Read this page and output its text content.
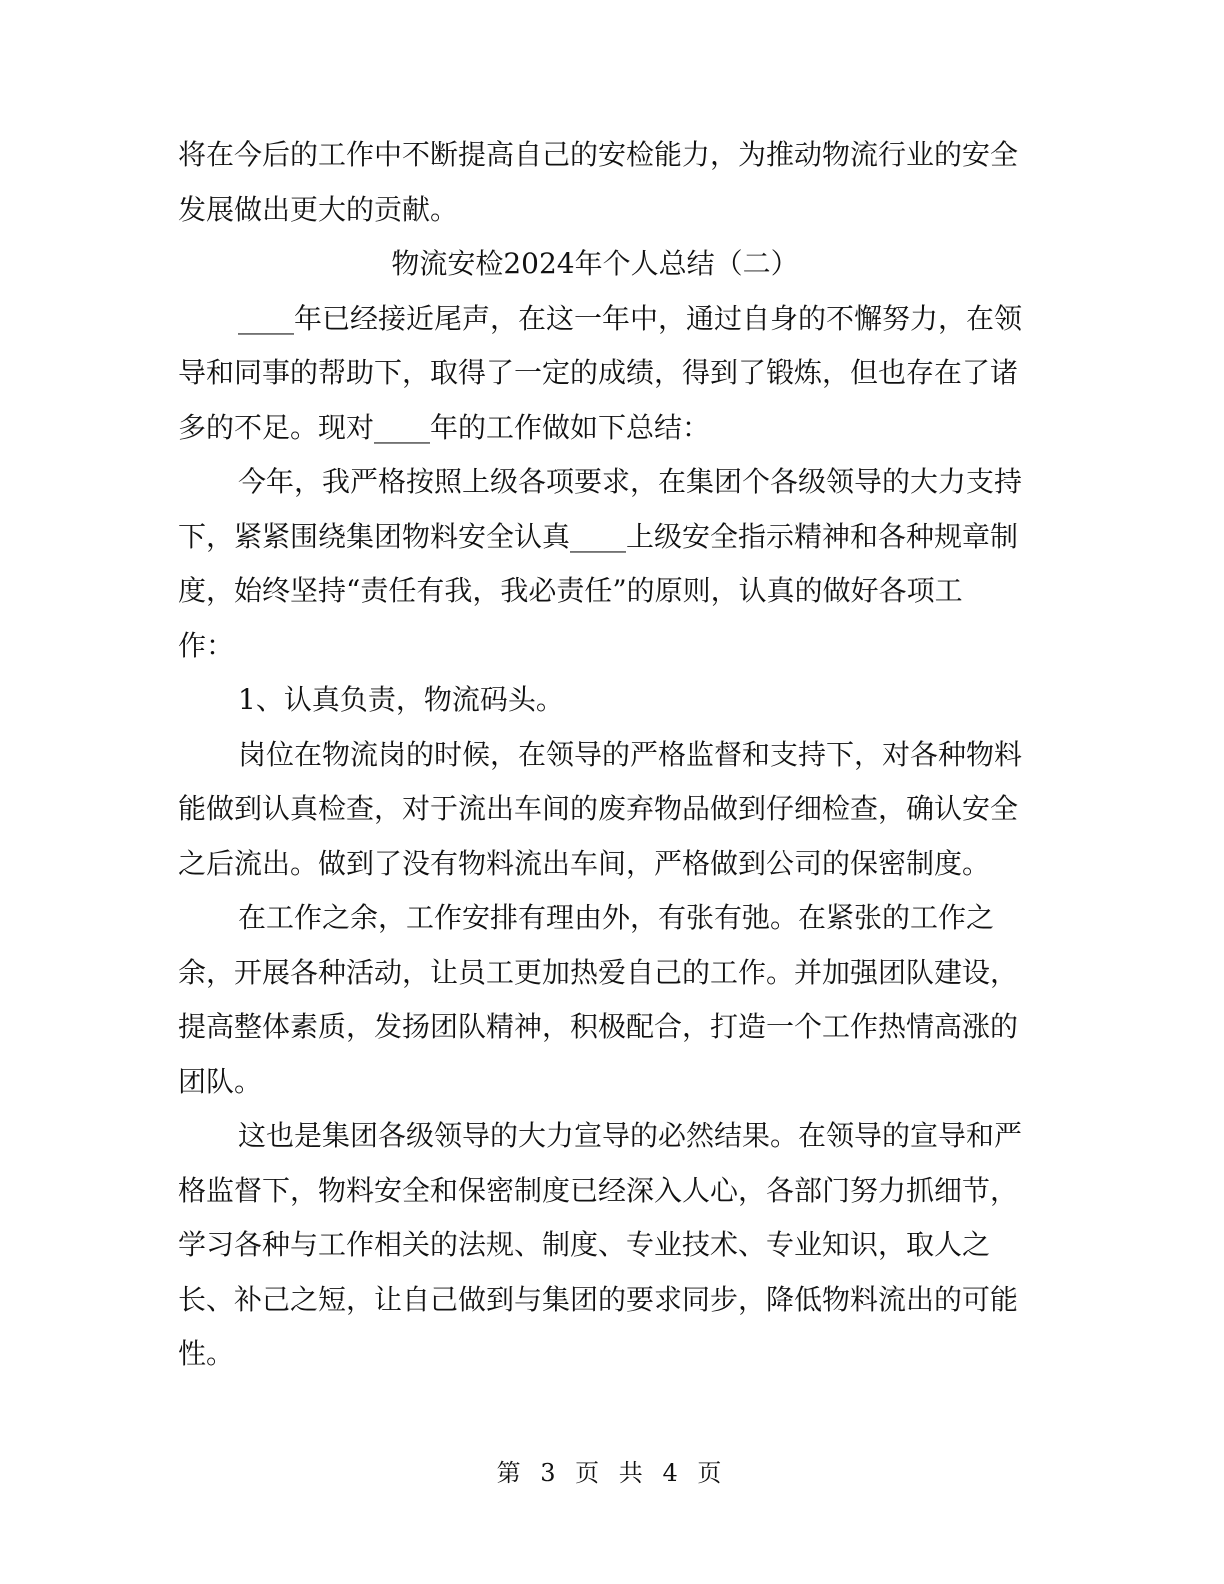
将在今后的工作中不断提高自己的安检能力，为推动物流行业的安全
发展做出更大的贡献。
物流安检2024年个人总结（二）
____年已经接近尾声，在这一年中，通过自身的不懈努力，在领
导和同事的帮助下，取得了一定的成绩，得到了锻炼，但也存在了诸
多的不足。现对____年的工作做如下总结：
今年，我严格按照上级各项要求，在集团个各级领导的大力支持
下，紧紧围绕集团物料安全认真____上级安全指示精神和各种规章制
度，始终坚持“责任有我，我必责任”的原则，认真的做好各项工
作：
1、认真负责，物流码头。
岗位在物流岗的时候，在领导的严格监督和支持下，对各种物料
能做到认真检查，对于流出车间的废弃物品做到仔细检查，确认安全
之后流出。做到了没有物料流出车间，严格做到公司的保密制度。
在工作之余，工作安排有理由外，有张有弛。在紧张的工作之
余，开展各种活动，让员工更加热爱自己的工作。并加强团队建设，
提高整体素质，发扬团队精神，积极配合，打造一个工作热情高涨的
团队。
这也是集团各级领导的大力宣导的必然结果。在领导的宣导和严
格监督下，物料安全和保密制度已经深入人心，各部门努力抓细节，
学习各种与工作相关的法规、制度、专业技术、专业知识，取人之
长、补己之短，让自己做到与集团的要求同步，降低物料流出的可能
性。
第 3 页 共 4 页
